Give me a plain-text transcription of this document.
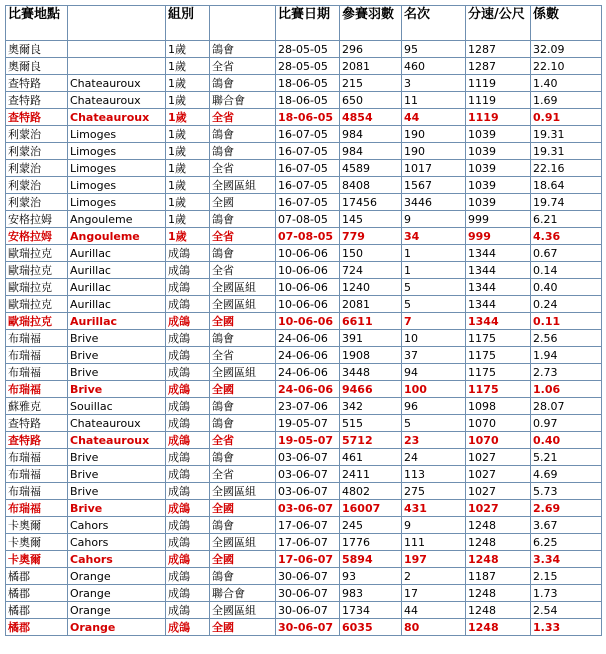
比賽地點		組別		比賽日期	參賽羽數	名次	分速/公尺	係數
奧爾良		1歲	鴿會	28-05-05	296	95	1287	32.09
奧爾良		1歲	全省	28-05-05	2081	460	1287	22.10
查特路	Chateauroux	1歲	鴿會	18-06-05	215	3	1119	1.40
查特路	Chateauroux	1歲	聯合會	18-06-05	650	11	1119	1.69
查特路	Chateauroux	1歲	全省	18-06-05	4854	44	1119	0.91
利蒙治	Limoges	1歲	鴿會	16-07-05	984	190	1039	19.31
利蒙治	Limoges	1歲	鴿會	16-07-05	984	190	1039	19.31
利蒙治	Limoges	1歲	全省	16-07-05	4589	1017	1039	22.16
利蒙治	Limoges	1歲	全國區組	16-07-05	8408	1567	1039	18.64
利蒙治	Limoges	1歲	全國	16-07-05	17456	3446	1039	19.74
安格拉姆	Angouleme	1歲	鴿會	07-08-05	145	9	999	6.21
安格拉姆	Angouleme	1歲	全省	07-08-05	779	34	999	4.36
歐瑞拉克	Aurillac	成鴿	鴿會	10-06-06	150	1	1344	0.67
歐瑞拉克	Aurillac	成鴿	全省	10-06-06	724	1	1344	0.14
歐瑞拉克	Aurillac	成鴿	全國區組	10-06-06	1240	5	1344	0.40
歐瑞拉克	Aurillac	成鴿	全國區組	10-06-06	2081	5	1344	0.24
歐瑞拉克	Aurillac	成鴿	全國	10-06-06	6611	7	1344	0.11
布瑞福	Brive	成鴿	鴿會	24-06-06	391	10	1175	2.56
布瑞福	Brive	成鴿	全省	24-06-06	1908	37	1175	1.94
布瑞福	Brive	成鴿	全國區組	24-06-06	3448	94	1175	2.73
布瑞福	Brive	成鴿	全國	24-06-06	9466	100	1175	1.06
蘇雅克	Souillac	成鴿	鴿會	23-07-06	342	96	1098	28.07
查特路	Chateauroux	成鴿	鴿會	19-05-07	515	5	1070	0.97
查特路	Chateauroux	成鴿	全省	19-05-07	5712	23	1070	0.40
布瑞福	Brive	成鴿	鴿會	03-06-07	461	24	1027	5.21
布瑞福	Brive	成鴿	全省	03-06-07	2411	113	1027	4.69
布瑞福	Brive	成鴿	全國區組	03-06-07	4802	275	1027	5.73
布瑞福	Brive	成鴿	全國	03-06-07	16007	431	1027	2.69
卡奧爾	Cahors	成鴿	鴿會	17-06-07	245	9	1248	3.67
卡奧爾	Cahors	成鴿	全國區組	17-06-07	1776	111	1248	6.25
卡奧爾	Cahors	成鴿	全國	17-06-07	5894	197	1248	3.34
橘郡	Orange	成鴿	鴿會	30-06-07	93	2	1187	2.15
橘郡	Orange	成鴿	聯合會	30-06-07	983	17	1248	1.73
橘郡	Orange	成鴿	全國區組	30-06-07	1734	44	1248	2.54
橘郡	Orange	成鴿	全國	30-06-07	6035	80	1248	1.33
